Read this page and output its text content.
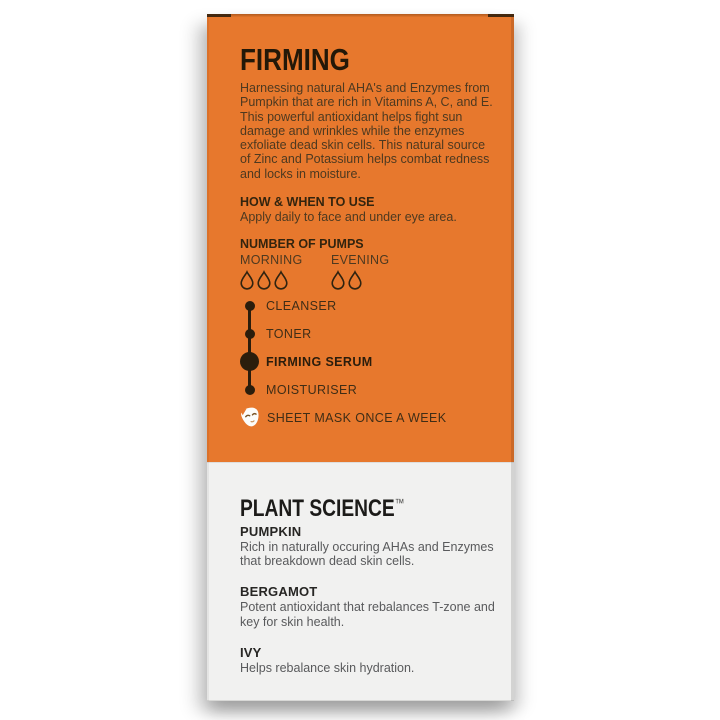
FIRMING
Harnessing natural AHA's and Enzymes from
Pumpkin that are rich in Vitamins A, C, and E.
This powerful antioxidant helps fight sun
damage and wrinkles while the enzymes
exfoliate dead skin cells. This natural source
of Zinc and Potassium helps combat redness
and locks in moisture.
HOW & WHEN TO USE
Apply daily to face and under eye area.
NUMBER OF PUMPS
MORNING	EVENING
CLEANSER
TONER
FIRMING SERUM
MOISTURISER
SHEET MASK ONCE A WEEK
PLANT SCIENCE™
PUMPKIN
Rich in naturally occuring AHAs and Enzymes
that breakdown dead skin cells.
BERGAMOT
Potent antioxidant that rebalances T-zone and
key for skin health.
IVY
Helps rebalance skin hydration.
